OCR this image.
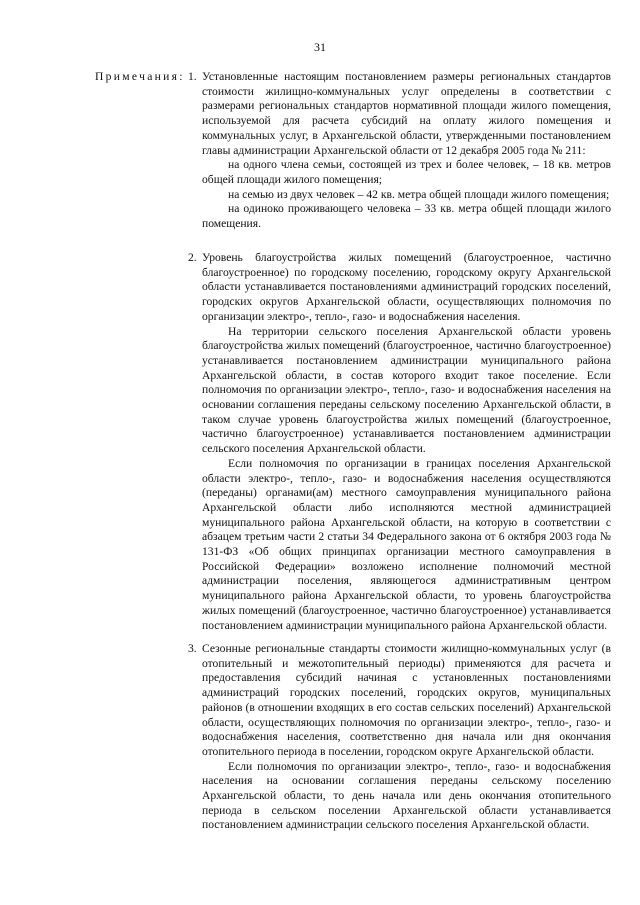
31
Примечания: 1. Установленные настоящим постановлением размеры региональных стандартов стоимости жилищно-коммунальных услуг определены в соответствии с размерами региональных стандартов нормативной площади жилого помещения, используемой для расчета субсидий на оплату жилого помещения и коммунальных услуг, в Архангельской области, утвержденными постановлением главы администрации Архангельской области от 12 декабря 2005 года № 211:

на одного члена семьи, состоящей из трех и более человек, – 18 кв. метров общей площади жилого помещения;

на семью из двух человек – 42 кв. метра общей площади жилого помещения;

на одиноко проживающего человека – 33 кв. метра общей площади жилого помещения.

2. Уровень благоустройства жилых помещений (благоустроенное, частично благоустроенное) по городскому поселению, городскому округу Архангельской области устанавливается постановлениями администраций городских поселений, городских округов Архангельской области, осуществляющих полномочия по организации электро-, тепло-, газо- и водоснабжения населения.

На территории сельского поселения Архангельской области уровень благоустройства жилых помещений (благоустроенное, частично благоустроенное) устанавливается постановлением администрации муниципального района Архангельской области, в состав которого входит такое поселение. Если полномочия по организации электро-, тепло-, газо- и водоснабжения населения на основании соглашения переданы сельскому поселению Архангельской области, в таком случае уровень благоустройства жилых помещений (благоустроенное, частично благоустроенное) устанавливается постановлением администрации сельского поселения Архангельской области.

Если полномочия по организации в границах поселения Архангельской области электро-, тепло-, газо- и водоснабжения населения осуществляются (переданы) органами(ам) местного самоуправления муниципального района Архангельской области либо исполняются местной администрацией муниципального района Архангельской области, на которую в соответствии с абзацем третьим части 2 статьи 34 Федерального закона от 6 октября 2003 года № 131-ФЗ «Об общих принципах организации местного самоуправления в Российской Федерации» возложено исполнение полномочий местной администрации поселения, являющегося административным центром муниципального района Архангельской области, то уровень благоустройства жилых помещений (благоустроенное, частично благоустроенное) устанавливается постановлением администрации муниципального района Архангельской области.

3. Сезонные региональные стандарты стоимости жилищно-коммунальных услуг (в отопительный и межотопительный периоды) применяются для расчета и предоставления субсидий начиная с установленных постановлениями администраций городских поселений, городских округов, муниципальных районов (в отношении входящих в его состав сельских поселений) Архангельской области, осуществляющих полномочия по организации электро-, тепло-, газо- и водоснабжения населения, соответственно дня начала или дня окончания отопительного периода в поселении, городском округе Архангельской области.

Если полномочия по организации электро-, тепло-, газо- и водоснабжения населения на основании соглашения переданы сельскому поселению Архангельской области, то день начала или день окончания отопительного периода в сельском поселении Архангельской области устанавливается постановлением администрации сельского поселения Архангельской области.
